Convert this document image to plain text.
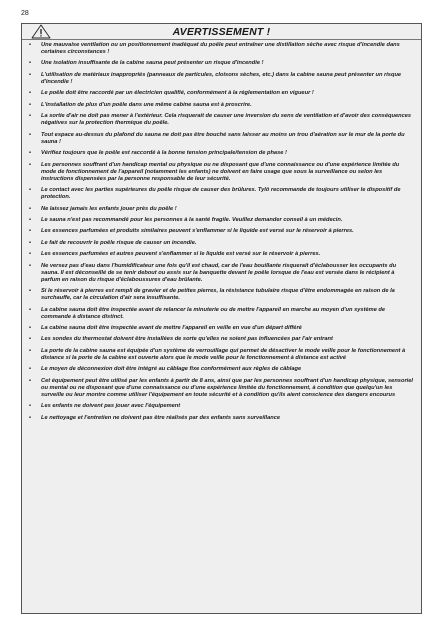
28
AVERTISSEMENT !
• Une mauvaise ventilation ou un positionnement inadéquat du poêle peut entraîner une distillation sèche avec risque d'incendie dans certaines circonstances !
• Une isolation insuffisante de la cabine sauna peut présenter un risque d'incendie !
• L'utilisation de matériaux inappropriés (panneaux de particules, cloisons sèches, etc.) dans la cabine sauna peut présenter un risque d'incendie !
• Le poêle doit être raccordé par un électricien qualifié, conformément à la réglementation en vigueur !
• L'installation de plus d'un poêle dans une même cabine sauna est à proscrire.
• La sortie d'air ne doit pas mener à l'extérieur. Cela risquerait de causer une inversion du sens de ventilation et d'avoir des conséquences négatives sur la protection thermique du poêle.
• Tout espace au-dessus du plafond du sauna ne doit pas être bouché sans laisser au moins un trou d'aération sur le mur de la porte du sauna !
• Vérifiez toujours que le poêle est raccordé à la bonne tension principale/tension de phase !
• Les personnes souffrant d'un handicap mental ou physique ou ne disposant que d'une connaissance ou d'une expérience limitée du mode de fonctionnement de l'appareil (notamment les enfants) ne doivent en faire usage que sous la surveillance ou selon les instructions dispensées par la personne responsable de leur sécurité.
• Le contact avec les parties supérieures du poêle risque de causer des brûlures. Tylö recommande de toujours utiliser le dispositif de protection.
• Ne laissez jamais les enfants jouer près du poêle !
• Le sauna n'est pas recommandé pour les personnes à la santé fragile. Veuillez demander conseil à un médecin.
• Les essences parfumées et produits similaires peuvent s'enflammer si le liquide est versé sur le réservoir à pierres.
• Le fait de recouvrir le poêle risque de causer un incendie.
• Les essences parfumées et autres peuvent s'enflammer si le liquide est versé sur le réservoir à pierres.
• Ne versez pas d'eau dans l'humidificateur une fois qu'il est chaud, car de l'eau bouillante risquerait d'éclabousser les occupants du sauna. Il est déconseillé de se tenir debout ou assis sur la banquette devant le poêle lorsque de l'eau est versée dans le récipient à parfum en raison du risque d'éclaboussures d'eau brûlante.
• Si le réservoir à pierres est rempli de gravier et de petites pierres, la résistance tubulaire risque d'être endommagée en raison de la surchauffe, car la circulation d'air sera insuffisante.
• La cabine sauna doit être inspectée avant de relancer la minuterie ou de mettre l'appareil en marche au moyen d'un système de commande à distance distinct.
• La cabine sauna doit être inspectée avant de mettre l'appareil en veille en vue d'un départ différé
• Les sondes du thermostat doivent être installées de sorte qu'elles ne soient pas influencées par l'air entrant
• La porte de la cabine sauna est équipée d'un système de verrouillage qui permet de désactiver le mode veille pour le fonctionnement à distance si la porte de la cabine est ouverte alors que le mode veille pour le fonctionnement à distance est activé
• Le moyen de déconnexion doit être intégré au câblage fixe conformément aux règles de câblage
• Cet équipement peut être utilisé par les enfants à partir de 8 ans, ainsi que par les personnes souffrant d'un handicap physique, sensoriel ou mental ou ne disposant que d'une connaissance ou d'une expérience limitée du fonctionnement, à condition que quelqu'un les surveille ou leur montre comme utiliser l'équipement en toute sécurité et à condition qu'ils aient conscience des dangers encourus
• Les enfants ne doivent pas jouer avec l'équipement
• Le nettoyage et l'entretien ne doivent pas être réalisés par des enfants sans surveillance
